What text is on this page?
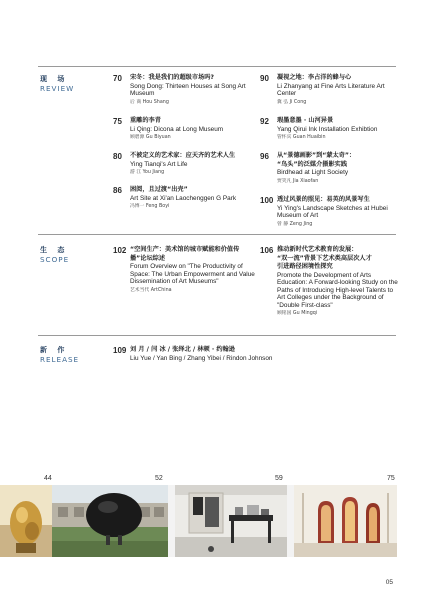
现 场
REVIEW
生 态
SCOPE
新 作
RELEASE
70 宋冬：我是我们的超级市场吗?
Song Dong: Thirteen Houses at Song Art Museum
后 商 Hou Shang
75 重雕的李青
Li Qing: Dicona at Long Museum
顾碧源 Gu Biyuan
80 不被定义的艺术家：应天齐的艺术人生
Ying Tianqi's Art Life
游 江 You Jiang
86 困阅，且过渡“出壳”
Art Site at Xi'an Laochenggen G Park
冯博一 Feng Boyi
90 凝视之地：李占洋的蜂与心
Li Zhanyang at Fine Arts Literature Art Center
冀 弘 Ji Cong
92 瑕墨意墨 · 山河异景
Yang Qirui Ink Installation Exhibtion
管怀宾 Guan Huaibin
96 从“景德画影”到“蒙太奇”：
“鸟头”的泛媒介摄影实践
Birdhead at Light Society
贾笑凡 Jia Xiaofan
100 透过风景的照见：易英的风景写生
Yi Ying's Landscape Sketches at Hubei Museum of Art
曾 静 Zeng Jing
102 “空间生产：美术馆的城市赋能和价值传
播”论坛综述
Forum Overview on "The Productivity of Space: The Urban Empowerment and Value Dissemination of Art Museums"
艺术当代 ArtChina
106 推动新时代艺术教育的发展：
“双一流”背景下艺术类高层次人才
引进路径困境性探究
Promote the Development of Arts Education: A Forward-looking Study on the Paths of Introducing High-level Talents to Art Colleges under the Background of "Double First-class"
顾铭国 Gu Mingqi
109 刘 月 / 闫 冰 / 张绎北 / 林顿 · 约翰逊
Liu Yue / Yan Bing / Zhang Yibei / Rindon Johnson
44	52	59	75
05
